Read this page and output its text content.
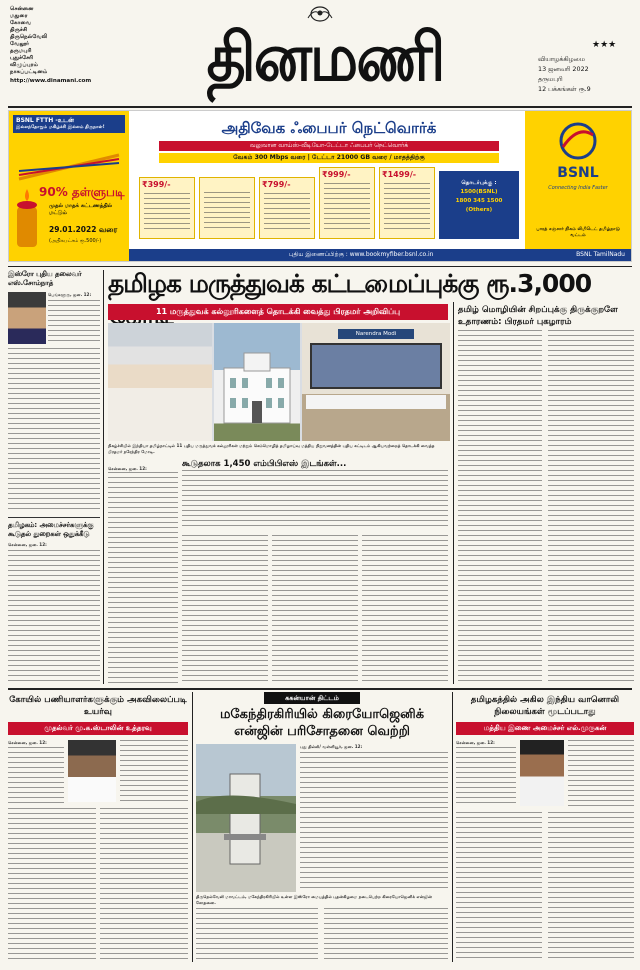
சென்னை
மதுரை
கோவை
திருச்சி
திருநெல்வேலி
வேலூர்
தருமபுரி
புதுச்சேரி
விழுப்புரம்
நாகப்பட்டினம்
http://www.dinamani.com	தினமணி	★★★
வியாழக்கிழமை
13 ஜனவரி 2022
தருமபுரி
12 பக்கங்கள் ரூ.9
BSNL FTTH -உடன்
இல்லந்தோறும் மகிழ்ச்சி இல்லம் திருநாள்!
90% தள்ளுபடி
முதல் மாதக் கட்டணத்தில் மட்டும்
29.01.2022 வரை
(அதிகபட்சம் ரூ.500/-)
அதிவேக ஃபைபர் நெட்வொர்க்
வலுவான வாய்ஸ்-வீடியோ-டேட்டா ஃபைபர் நெட்வொர்க்
வேகம் 300 Mbps வரை | டேட்டா 21000 GB வரை / மாதத்திற்கு
₹399/-	₹799/-
₹999/-	₹1499/-
தொடர்புக்கு :
1500(BSNL)
1800 345 1500 (Others)
புதிய இணைப்பிற்கு : www.bookmyfiber.bsnl.co.in	BSNL TamilNadu
BSNL
Connecting India Faster
பாரத் சஞ்சார் நிகம் லிமிடெட் தமிழ்நாடு வட்டம்
இஸ்ரோ புதிய தலைவர் எஸ்.சோம்நாத்
பெங்களூரு, ஜன. 12:
தமிழகம்: அமைச்சர்களுக்கு கூடுதல் துறைகள் ஒதுக்கீடு
சென்னை, ஜன. 12:
தமிழக மருத்துவக் கட்டமைப்புக்கு ரூ.3,000
11 மருத்துவக் கல்லூரிகளைத் தொடக்கி வைத்து பிரதமர் அறிவிப்பு
Narendra Modi
நிகழ்ச்சியில் இந்தியா தமிழ்நாட்டில் 11 புதிய மருத்துவக் கல்லூரிகள் மற்றும் செம்மொழித் தமிழாய்வு மத்திய நிறுவனத்தின் புதிய கட்டிடம் ஆகியவற்றைத் தொடக்கி வைத்த பிரதமர் நரேந்திர மோடி.
கூடுதலாக 1,450 எம்பிபிஎஸ் இடங்கள்...
சென்னை, ஜன. 12:
தமிழ் மொழியின் சிறப்புக்கு திருக்குறளே உதாரணம்: பிரதமர் புகழாரம்
கோயில் பணியாளர்களுக்கும் அகவிலைப்படி உயர்வு
முதல்வர் மு.க.ஸ்டாலின் உத்தரவு
சென்னை, ஜன. 12:
ககன்யான் திட்டம்
மகேந்திரகிரியில் கிரையோஜெனிக் என்ஜின் பரிசோதனை வெற்றி
புது தில்லி/ வள்ளியூர், ஜன. 12:
திருநெல்வேலி மாவட்டம், மகேந்திரகிரியில் உள்ள இஸ்ரோ மையத்தில் புதன்கிழமை நடைபெற்ற கிரையோஜெனிக் என்ஜின் சோதனை.
தமிழகத்தில் அகில இந்திய வானொலி நிலையங்கள் மூடப்படாது
மத்திய இணை அமைச்சர் எல்.முருகன்
சென்னை, ஜன. 12:
